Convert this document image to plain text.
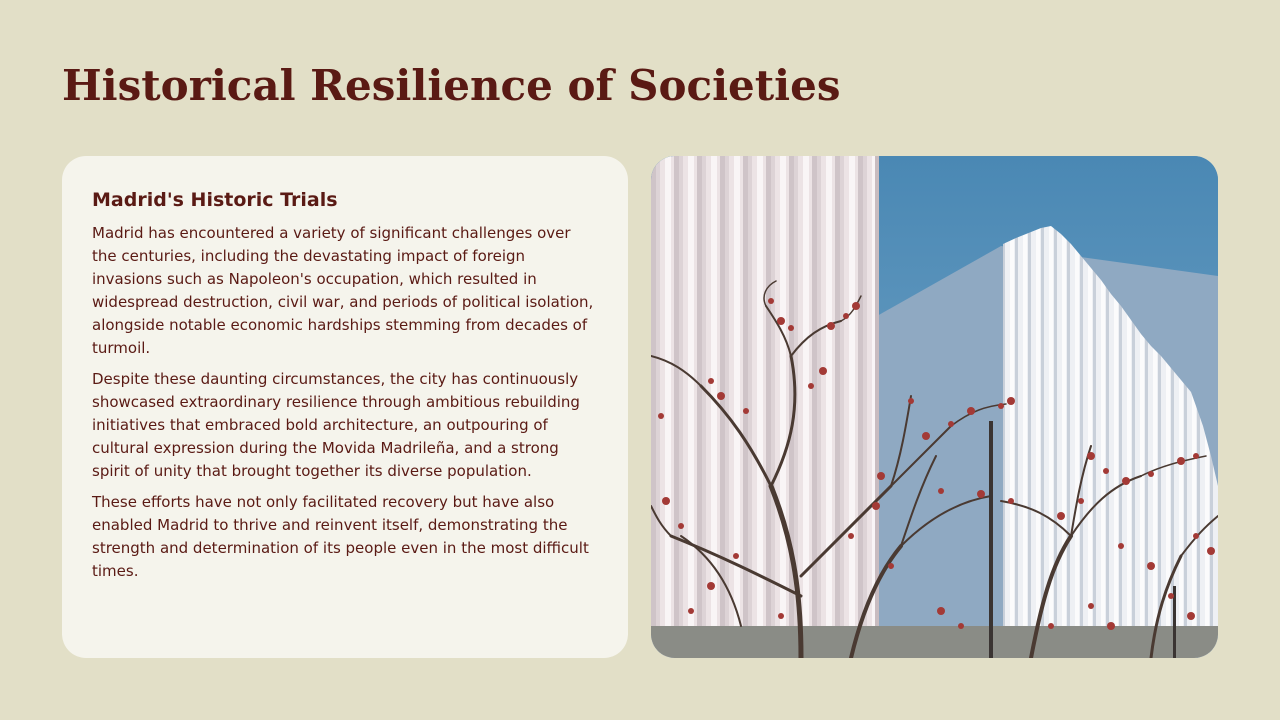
Historical Resilience of Societies
Madrid's Historic Trials

Madrid has encountered a variety of significant challenges over the centuries, including the devastating impact of foreign invasions such as Napoleon's occupation, which resulted in widespread destruction, civil war, and periods of political isolation, alongside notable economic hardships stemming from decades of turmoil.

Despite these daunting circumstances, the city has continuously showcased extraordinary resilience through ambitious rebuilding initiatives that embraced bold architecture, an outpouring of cultural expression during the Movida Madrileña, and a strong spirit of unity that brought together its diverse population.

These efforts have not only facilitated recovery but have also enabled Madrid to thrive and reinvent itself, demonstrating the strength and determination of its people even in the most difficult times.
